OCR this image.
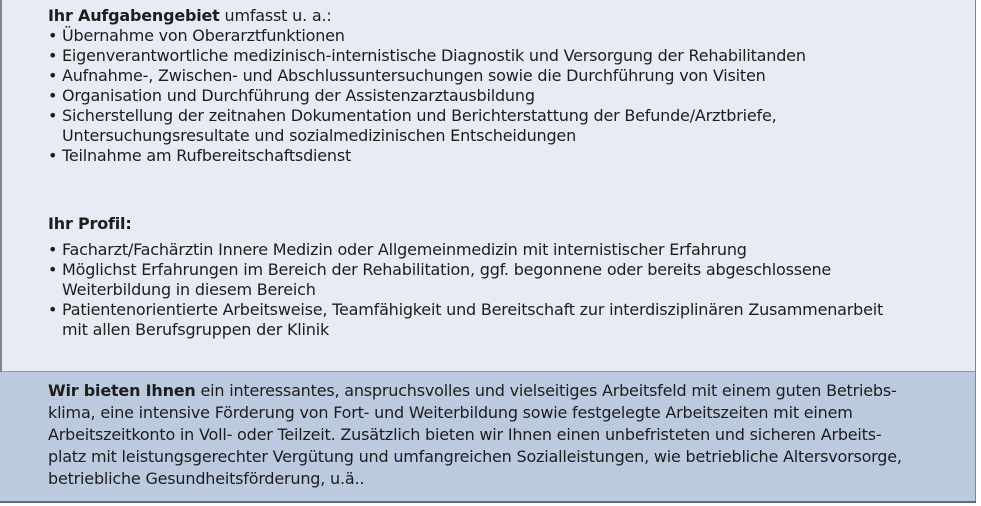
Ihr Aufgabengebiet umfasst u. a.:
• Übernahme von Oberarztfunktionen
• Eigenverantwortliche medizinisch-internistische Diagnostik und Versorgung der Rehabilitanden
• Aufnahme-, Zwischen- und Abschlussuntersuchungen sowie die Durchführung von Visiten
• Organisation und Durchführung der Assistenzarztausbildung
• Sicherstellung der zeitnahen Dokumentation und Berichterstattung der Befunde/Arztbriefe,
Untersuchungsresultate und sozialmedizinischen Entscheidungen
• Teilnahme am Rufbereitschaftsdienst
Ihr Profil:
• Facharzt/Fachärztin Innere Medizin oder Allgemeinmedizin mit internistischer Erfahrung
• Möglichst Erfahrungen im Bereich der Rehabilitation, ggf. begonnene oder bereits abgeschlossene
Weiterbildung in diesem Bereich
• Patientenorientierte Arbeitsweise, Teamfähigkeit und Bereitschaft zur interdisziplinären Zusammenarbeit
mit allen Berufsgruppen der Klinik
Wir bieten Ihnen ein interessantes, anspruchsvolles und vielseitiges Arbeitsfeld mit einem guten Betriebs-
klima, eine intensive Förderung von Fort- und Weiterbildung sowie festgelegte Arbeitszeiten mit einem
Arbeitszeitkonto in Voll- oder Teilzeit. Zusätzlich bieten wir Ihnen einen unbefristeten und sicheren Arbeits-
platz mit leistungsgerechter Vergütung und umfangreichen Sozialleistungen, wie betriebliche Altersvorsorge,
betriebliche Gesundheitsförderung, u.ä..
